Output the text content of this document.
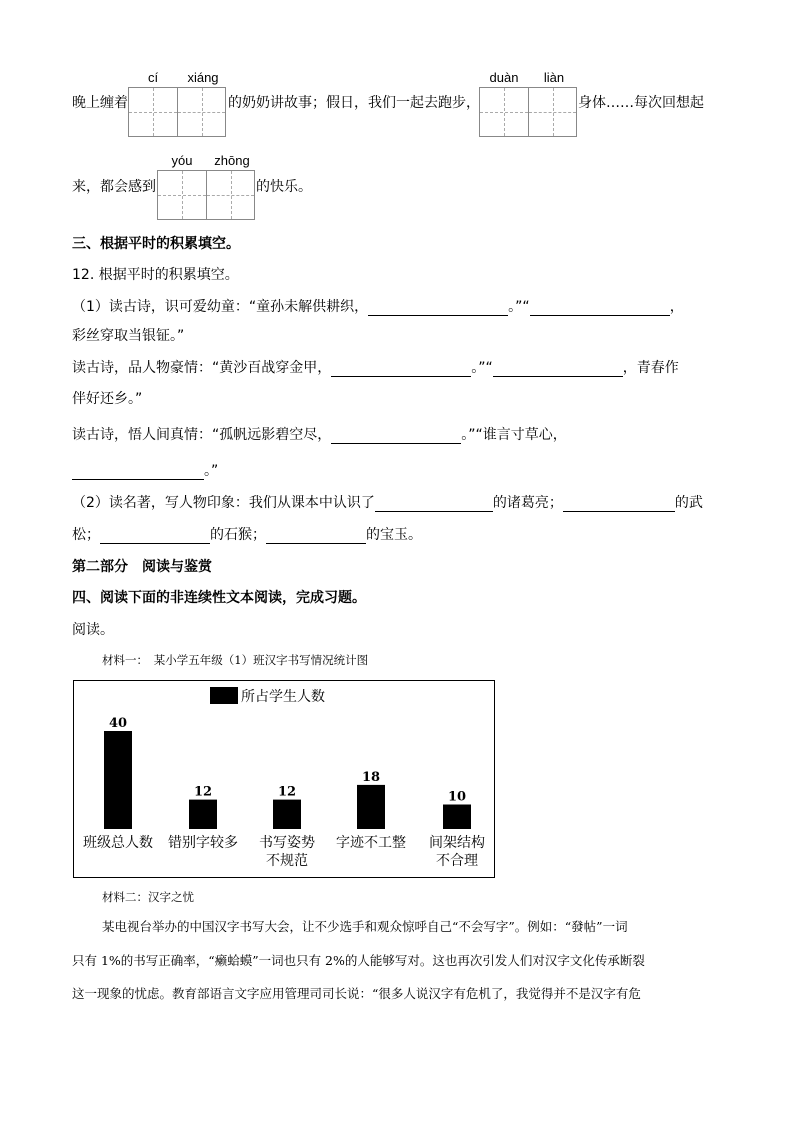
晚上缠着
cí	xiáng
的奶奶讲故事；假日，我们一起去跑步，
duàn	liàn
身体……每次回想起
来，都会感到
yóu	zhōng
的快乐。
三、根据平时的积累填空。
12. 根据平时的积累填空。
（1）读古诗，识可爱幼童：“童孙未解供耕织，	。”“	，
彩丝穿取当银钲。”
读古诗，品人物豪情：“黄沙百战穿金甲，	。”“	，青春作
伴好还乡。”
读古诗，悟人间真情：“孤帆远影碧空尽，	。”“谁言寸草心，
。”
（2）读名著，写人物印象：我们从课本中认识了	的诸葛亮；	的武
松；	的石猴；	的宝玉。
第二部分　阅读与鉴赏
四、阅读下面的非连续性文本阅读，完成习题。
阅读。
材料一：　某小学五年级（1）班汉字书写情况统计图
所占学生人数
40
12	12
18
10
班级总人数 错别字较多 书写姿势
不规范
字迹不工整 间架结构
不合理
材料二：汉字之忧
某电视台举办的中国汉字书写大会，让不少选手和观众惊呼自己“不会写字”。例如：“發帖”一词
只有 1%的书写正确率，“癞蛤蟆”一词也只有 2%的人能够写对。这也再次引发人们对汉字文化传承断裂
这一现象的忧虑。教育部语言文字应用管理司司长说：“很多人说汉字有危机了，我觉得并不是汉字有危
